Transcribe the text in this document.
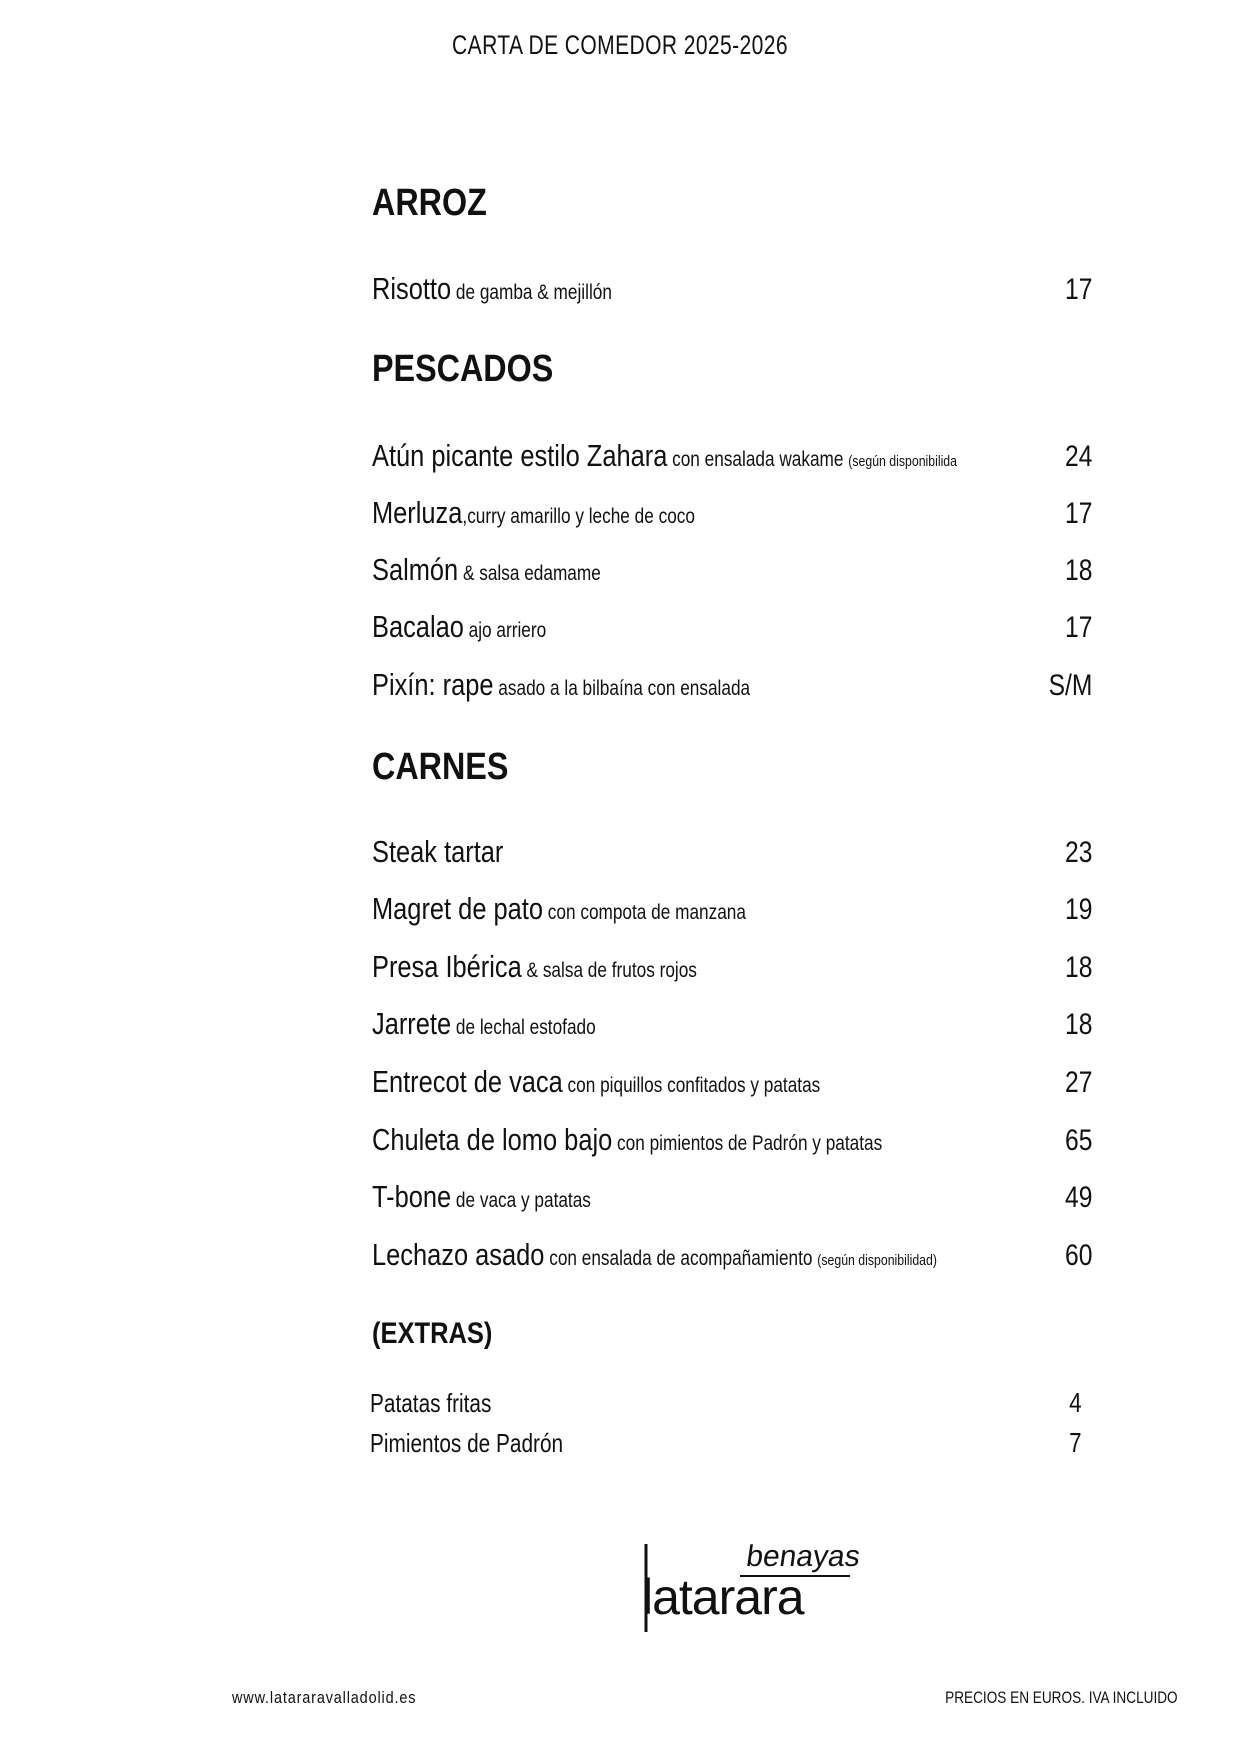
CARTA DE COMEDOR 2025-2026
ARROZ
Risotto de gamba & mejillón	17
PESCADOS
Atún picante estilo Zahara con ensalada wakame (según disponibilida	24
Merluza,curry amarillo y leche de coco	17
Salmón & salsa edamame	18
Bacalao ajo arriero	17
Pixín: rape asado a la bilbaína con ensalada	S/M
CARNES
Steak tartar	23
Magret de pato con compota de manzana	19
Presa Ibérica & salsa de frutos rojos	18
Jarrete de lechal estofado	18
Entrecot de vaca con piquillos confitados y patatas	27
Chuleta de lomo bajo con pimientos de Padrón y patatas	65
T-bone de vaca y patatas	49
Lechazo asado con ensalada de acompañamiento (según disponibilidad)	60
(EXTRAS)
Patatas fritas	4
Pimientos de Padrón	7
benayas
latarara
www.latararavalladolid.es	PRECIOS EN EUROS. IVA INCLUIDO
